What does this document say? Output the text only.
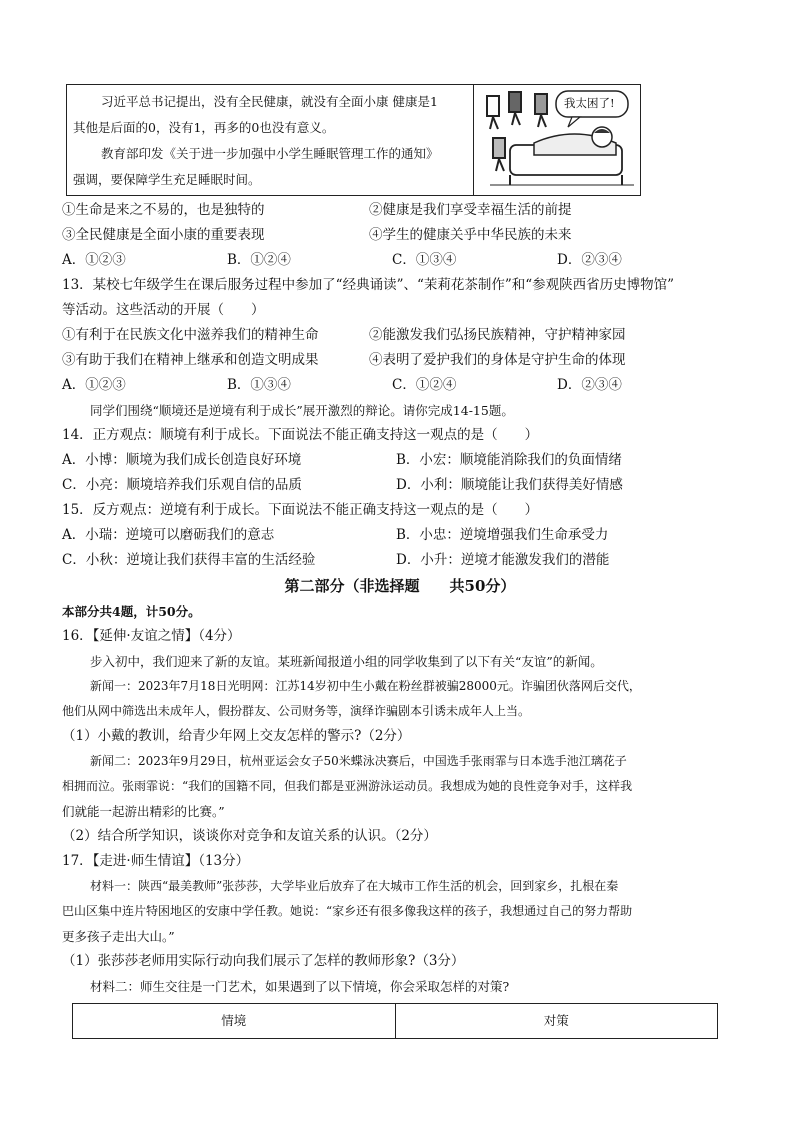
习近平总书记提出，没有全民健康，就没有全面小康 健康是1
其他是后面的0，没有1，再多的0也没有意义。
教育部印发《关于进一步加强中小学生睡眠管理工作的通知》
强调，要保障学生充足睡眠时间。
我太困了!
①生命是来之不易的，也是独特的	②健康是我们享受幸福生活的前提
③全民健康是全面小康的重要表现	④学生的健康关乎中华民族的未来
A．①②③	B．①②④	C．①③④	D．②③④
13．某校七年级学生在课后服务过程中参加了“经典诵读”、“茉莉花茶制作”和“参观陕西省历史博物馆”
等活动。这些活动的开展（　　）
①有利于在民族文化中滋养我们的精神生命	②能激发我们弘扬民族精神，守护精神家园
③有助于我们在精神上继承和创造文明成果	④表明了爱护我们的身体是守护生命的体现
A．①②③	B．①③④	C．①②④	D．②③④
同学们围绕“顺境还是逆境有利于成长”展开激烈的辩论。请你完成14-15题。
14．正方观点：顺境有利于成长。下面说法不能正确支持这一观点的是（　　）
A．小博：顺境为我们成长创造良好环境	B．小宏：顺境能消除我们的负面情绪
C．小亮：顺境培养我们乐观自信的品质	D．小利：顺境能让我们获得美好情感
15．反方观点：逆境有利于成长。下面说法不能正确支持这一观点的是（　　）
A．小瑞：逆境可以磨砺我们的意志	B．小忠：逆境增强我们生命承受力
C．小秋：逆境让我们获得丰富的生活经验	D．小升：逆境才能激发我们的潜能
第二部分（非选择题　　共50分）
本部分共4题，计50分。
16．【延伸·友谊之情】（4分）
步入初中，我们迎来了新的友谊。某班新闻报道小组的同学收集到了以下有关“友谊”的新闻。
新闻一：2023年7月18日光明网：江苏14岁初中生小戴在粉丝群被骗28000元。诈骗团伙落网后交代，
他们从网中筛选出未成年人，假扮群友、公司财务等，演绎诈骗剧本引诱未成年人上当。
（1）小戴的教训，给青少年网上交友怎样的警示?（2分）
新闻二：2023年9月29日，杭州亚运会女子50米蝶泳决赛后，中国选手张雨霏与日本选手池江璃花子
相拥而泣。张雨霏说：“我们的国籍不同，但我们都是亚洲游泳运动员。我想成为她的良性竞争对手，这样我
们就能一起游出精彩的比赛。”
（2）结合所学知识，谈谈你对竞争和友谊关系的认识。（2分）
17．【走进·师生情谊】（13分）
材料一：陕西“最美教师”张莎莎，大学毕业后放弃了在大城市工作生活的机会，回到家乡，扎根在秦
巴山区集中连片特困地区的安康中学任教。她说：“家乡还有很多像我这样的孩子，我想通过自己的努力帮助
更多孩子走出大山。”
（1）张莎莎老师用实际行动向我们展示了怎样的教师形象?（3分）
材料二：师生交往是一门艺术，如果遇到了以下情境，你会采取怎样的对策?
情境	对策
